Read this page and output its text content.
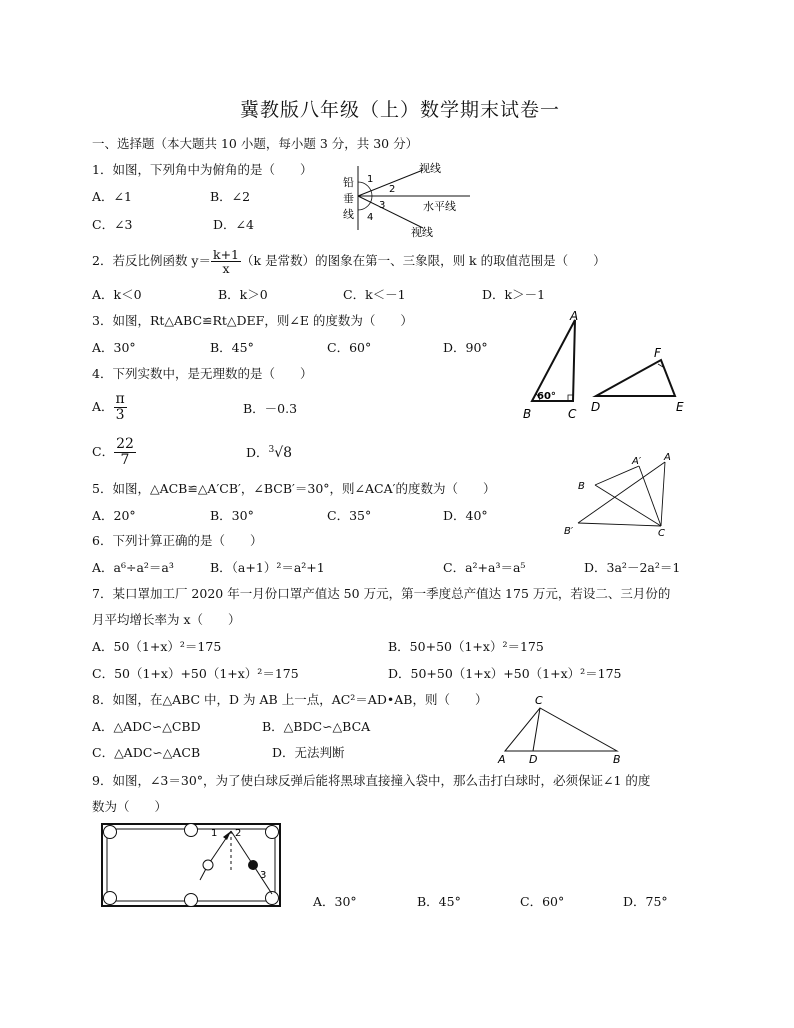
冀教版八年级（上）数学期末试卷一
一、选择题（本大题共 10 小题，每小题 3 分，共 30 分）
1．如图，下列角中为俯角的是（　　）
A．∠1	B．∠2
C．∠3	D．∠4
视线
水平线
视线
铅
垂
线
1
2
3
4
2．若反比例函数 $y= \frac{k+1}{x} (k$ 是常数）的图象在第一、三象限，则 k 的取值范围是（　　）
A．k＜0	B．k＞0	C．k＜－1	D．k＞－1
3．如图，Rt△ABC≌Rt△DEF，则∠E 的度数为（　　）
A．30°	B．45°	C．60°	D．90°
A
B	C
60°
D	E
F
4．下列实数中，是无理数的是（　　）
A． $\frac{\pi}{3}$	B．－0.3
C． $\frac{22}{7}$	D．$^3$√8
5．如图，△ACB≌△A′CB′，∠BCB′＝30°，则∠ACA′的度数为（　　）
A．20°	B．30°	C．35°	D．40°
A
A′
B
B′	C
6．下列计算正确的是（　　）
A．a⁶÷a²＝a³	B．（a+1）²＝a²+1	C．a²+a³＝a⁵	D．3a²－2a²＝1
7．某口罩加工厂 2020 年一月份口罩产值达 50 万元，第一季度总产值达 175 万元，若设二、三月份的
月平均增长率为 x（　　）
A．50（1+x）²＝175	B．50+50（1+x）²＝175
C．50（1+x）+50（1+x）²＝175	D．50+50（1+x）+50（1+x）²＝175
8．如图，在△ABC 中，D 为 AB 上一点，AC²＝AD•AB，则（　　）
A．△ADC∽△CBD	B．△BDC∽△BCA
C．△ADC∽△ACB	D．无法判断
C
A D	B
9．如图，∠3＝30°，为了使白球反弹后能将黑球直接撞入袋中，那么击打白球时，必须保证∠1 的度
数为（　　）
1 2
3
A．30°	B．45°	C．60°	D．75°
